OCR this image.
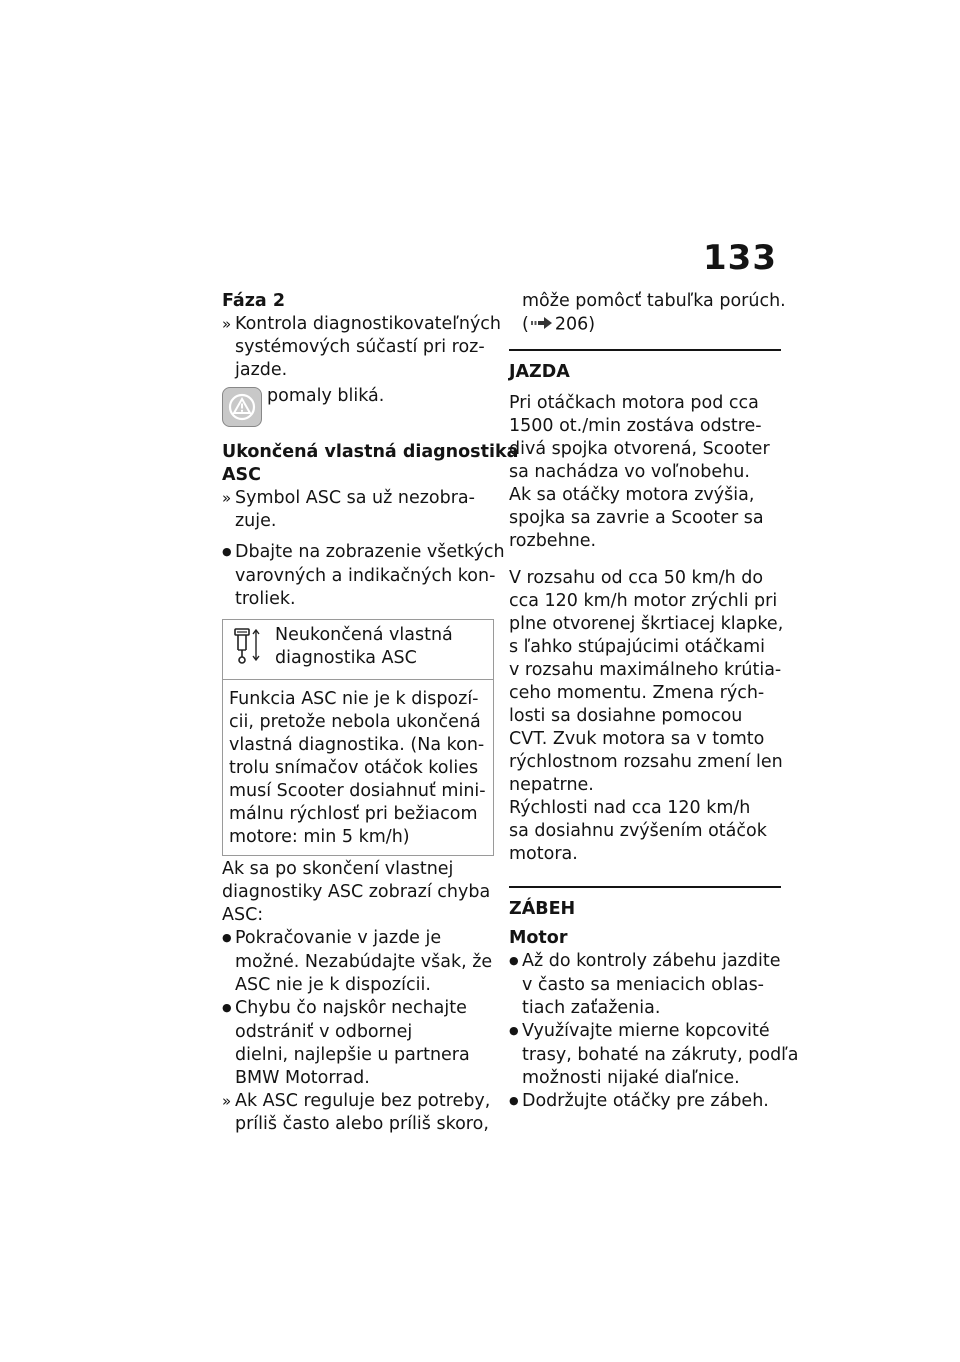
133
Fáza 2
»Kontrola diagnostikovateľných
systémových súčastí pri roz-
jazde.
pomaly bliká.
Ukončená vlastná diagnostika
ASC
»Symbol ASC sa už nezobra-
zuje.
●Dbajte na zobrazenie všetkých
varovných a indikačných kon-
troliek.
Neukončená vlastná
diagnostika ASC
Funkcia ASC nie je k dispozí-
cii, pretože nebola ukončená
vlastná diagnostika. (Na kon-
trolu snímačov otáčok kolies
musí Scooter dosiahnuť mini-
málnu rýchlosť pri bežiacom
motore: min 5 km/h)
Ak sa po skončení vlastnej
diagnostiky ASC zobrazí chyba
ASC:
●Pokračovanie v jazde je
možné. Nezabúdajte však, že
ASC nie je k dispozícii.
●Chybu čo najskôr nechajte
odstrániť v odbornej
dielni, najlepšie u partnera
BMW Motorrad.
»Ak ASC reguluje bez potreby,
príliš často alebo príliš skoro,
môže pomôcť tabuľka porúch.
( 206)
JAZDA
Pri otáčkach motora pod cca
1500 ot./min zostáva odstre-
divá spojka otvorená, Scooter
sa nachádza vo voľnobehu.
Ak sa otáčky motora zvýšia,
spojka sa zavrie a Scooter sa
rozbehne.
V rozsahu od cca 50 km/h do
cca 120 km/h motor zrýchli pri
plne otvorenej škrtiacej klapke,
s ľahko stúpajúcimi otáčkami
v rozsahu maximálneho krútia-
ceho momentu. Zmena rých-
losti sa dosiahne pomocou
CVT. Zvuk motora sa v tomto
rýchlostnom rozsahu zmení len
nepatrne.
Rýchlosti nad cca 120 km/h
sa dosiahnu zvýšením otáčok
motora.
ZÁBEH
Motor
●Až do kontroly zábehu jazdite
v často sa meniacich oblas-
tiach zaťaženia.
●Využívajte mierne kopcovité
trasy, bohaté na zákruty, podľa
možnosti nijaké diaľnice.
●Dodržujte otáčky pre zábeh.
